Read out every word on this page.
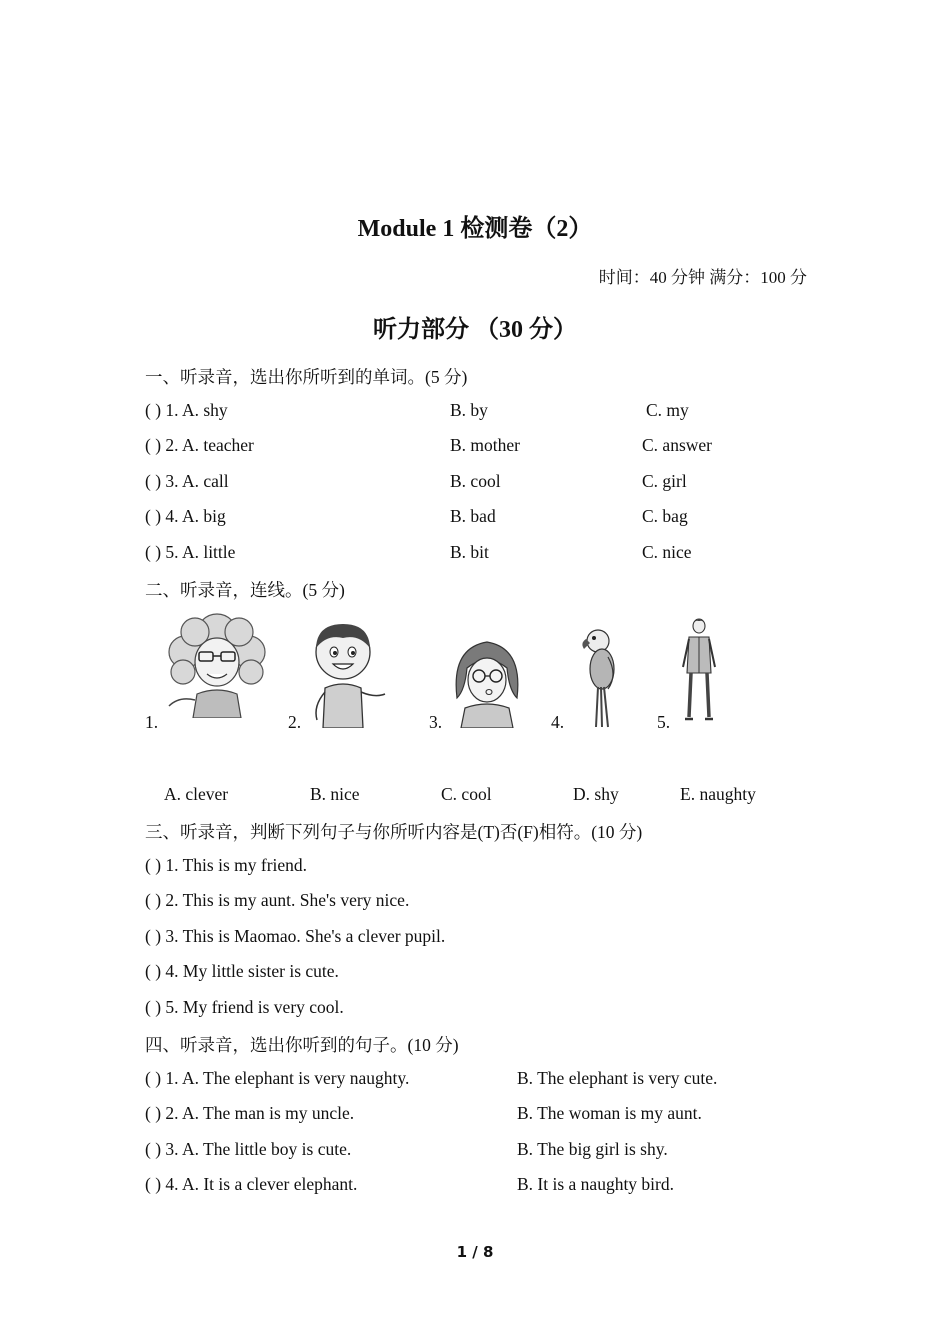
Module 1 检测卷（2）
时间：40 分钟 满分：100 分
听力部分 （30 分）
一、听录音，选出你所听到的单词。(5 分)
( ) 1. A. shy	B. by	C. my
( ) 2. A. teacher	B. mother	C. answer
( ) 3. A. call	B. cool	C. girl
( ) 4. A. big	B. bad	C. bag
( ) 5. A. little	B. bit	C. nice
二、听录音，连线。(5 分)
1.	2.	3.	4.	5.
A. clever	B. nice	C. cool	D. shy	E. naughty
三、听录音，判断下列句子与你所听内容是(T)否(F)相符。(10 分)
( ) 1. This is my friend.
( ) 2. This is my aunt. She's very nice.
( ) 3. This is Maomao. She's a clever pupil.
( ) 4. My little sister is cute.
( ) 5. My friend is very cool.
四、听录音，选出你听到的句子。(10 分)
( ) 1. A. The elephant is very naughty.	B. The elephant is very cute.
( ) 2. A. The man is my uncle.	B. The woman is my aunt.
( ) 3. A. The little boy is cute.	B. The big girl is shy.
( ) 4. A. It is a clever elephant.	B. It is a naughty bird.
1 / 8
